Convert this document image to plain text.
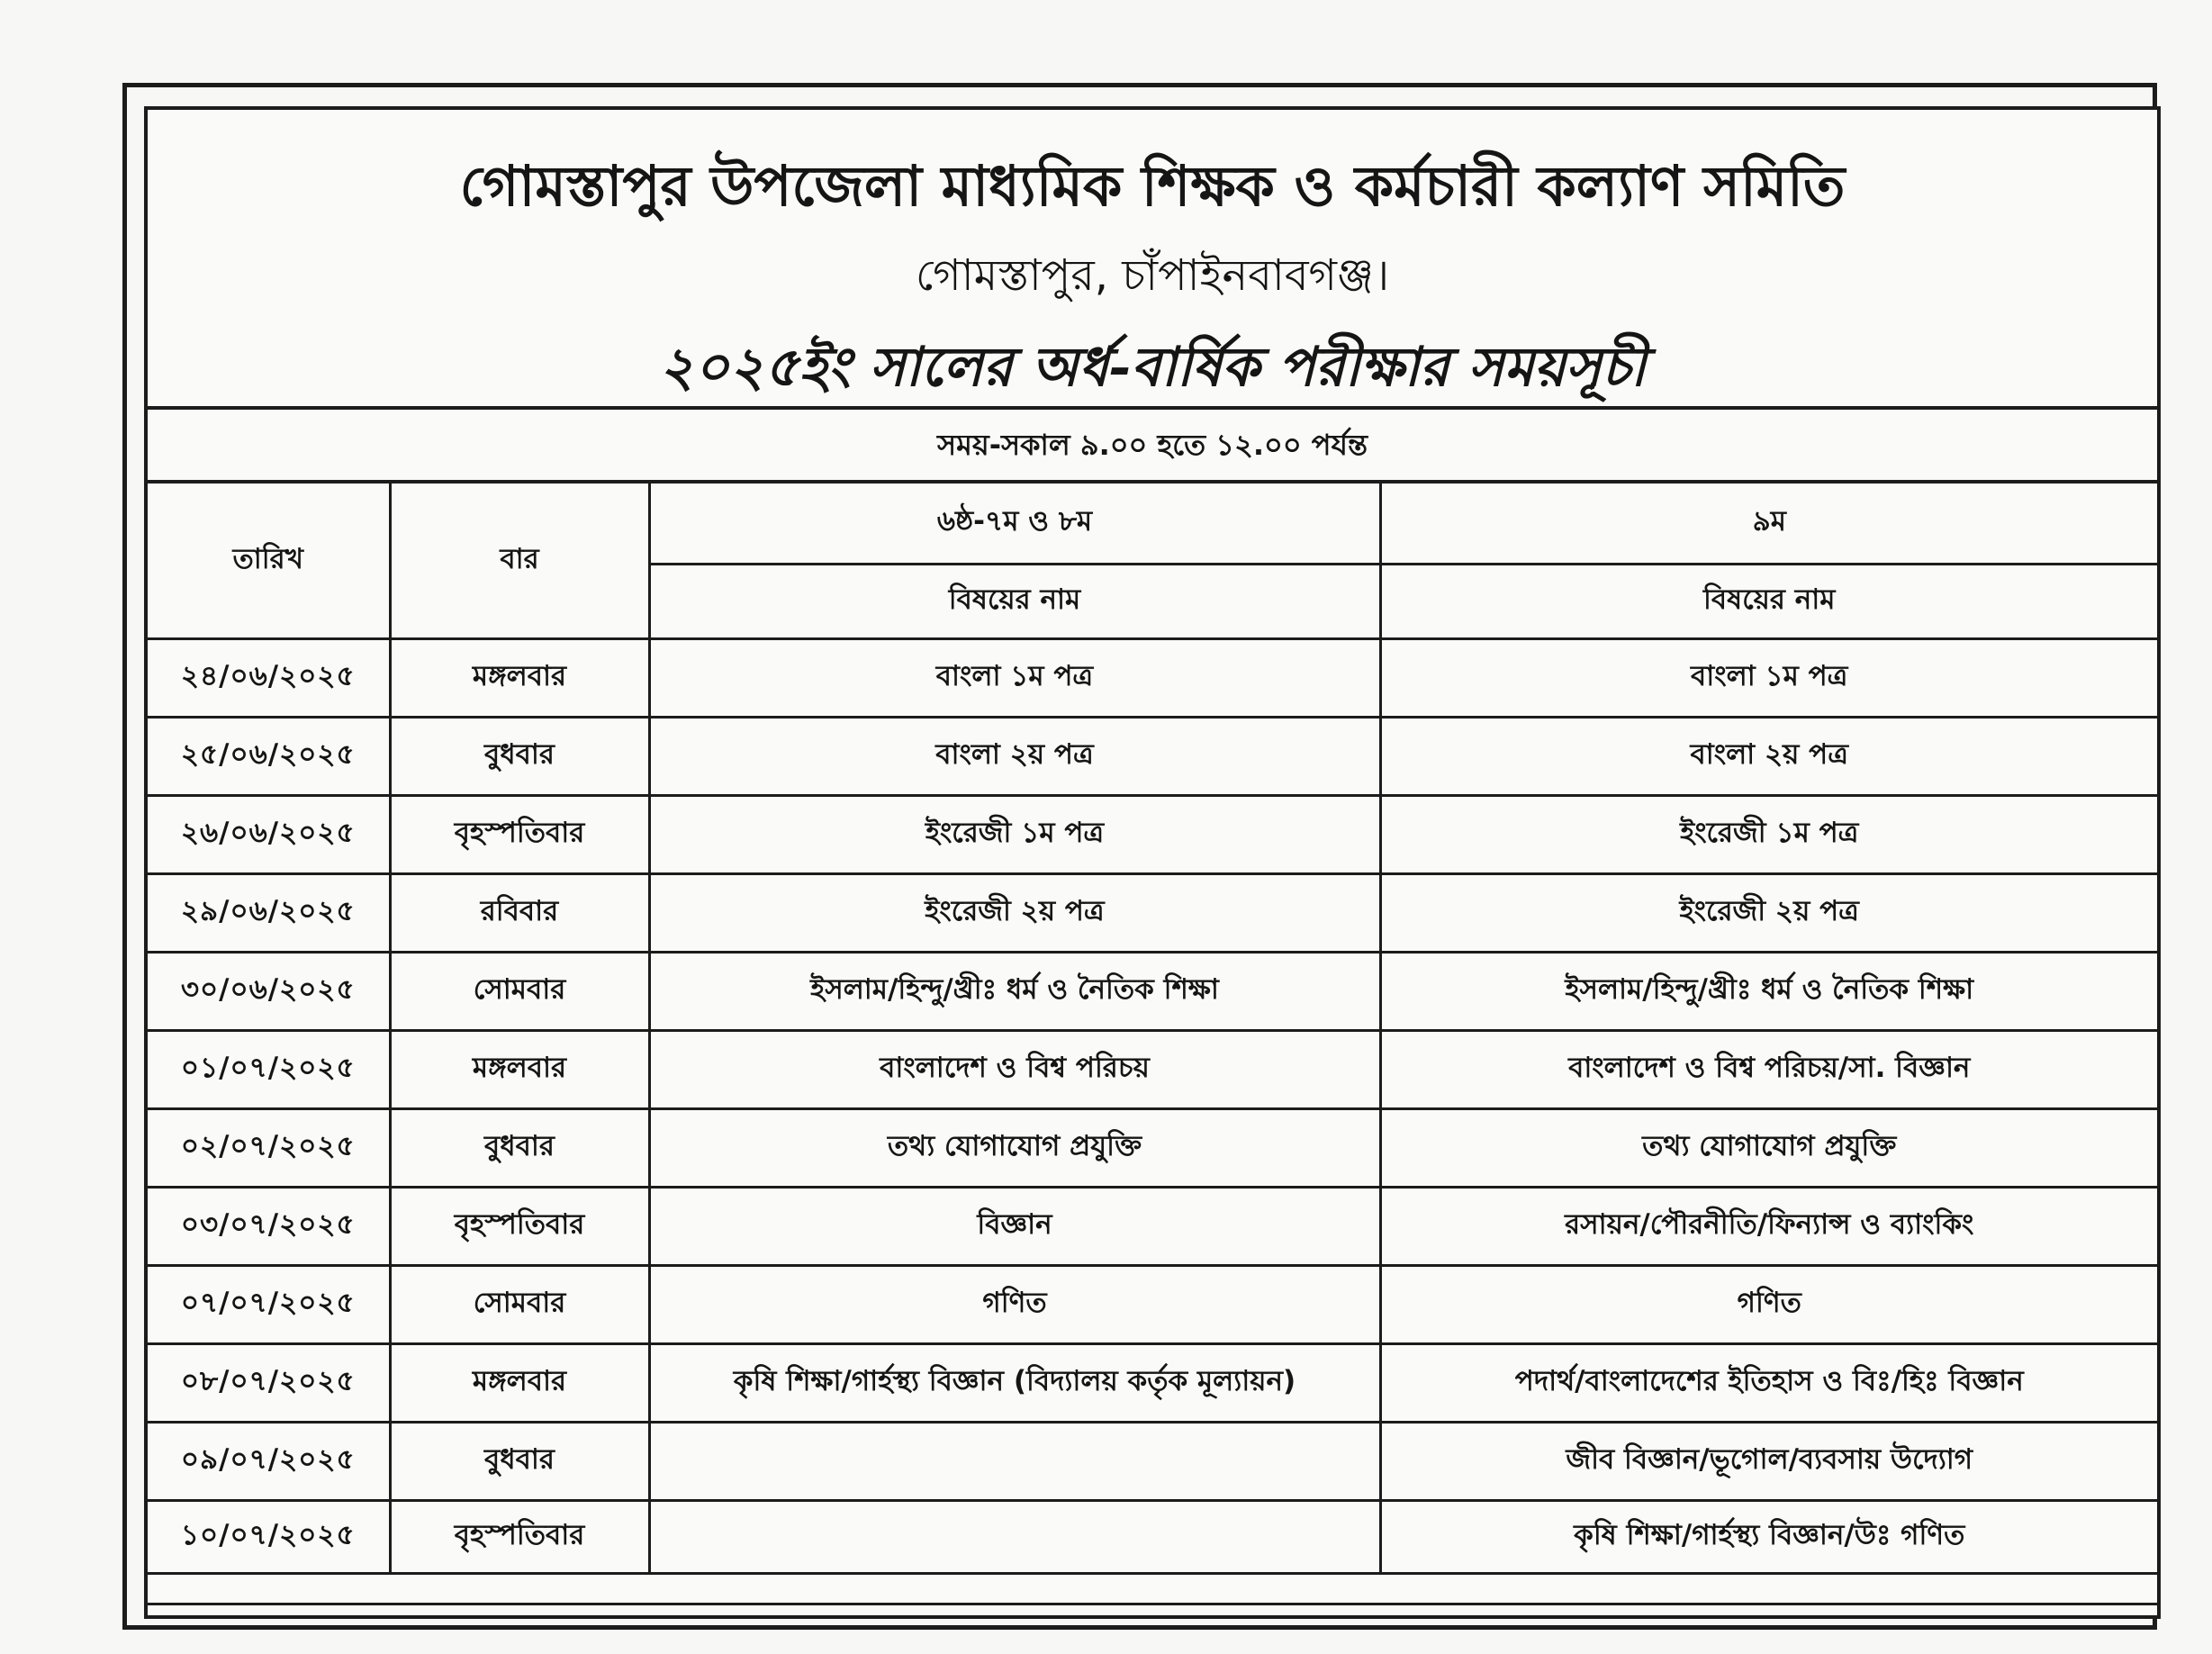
গোমস্তাপুর উপজেলা মাধ্যমিক শিক্ষক ও কর্মচারী কল্যাণ সমিতি
গোমস্তাপুর, চাঁপাইনবাবগঞ্জ।
২০২৫ইং সালের অর্ধ-বার্ষিক পরীক্ষার সময়সূচী
সময়-সকাল ৯.০০ হতে ১২.০০ পর্যন্ত
তারিখ	বার	৬ষ্ঠ-৭ম ও ৮ম	৯ম
		বিষয়ের নাম	বিষয়ের নাম
২৪/০৬/২০২৫	মঙ্গলবার	বাংলা ১ম পত্র	বাংলা ১ম পত্র
২৫/০৬/২০২৫	বুধবার	বাংলা ২য় পত্র	বাংলা ২য় পত্র
২৬/০৬/২০২৫	বৃহস্পতিবার	ইংরেজী ১ম পত্র	ইংরেজী ১ম পত্র
২৯/০৬/২০২৫	রবিবার	ইংরেজী ২য় পত্র	ইংরেজী ২য় পত্র
৩০/০৬/২০২৫	সোমবার	ইসলাম/হিন্দু/খ্রীঃ ধর্ম ও নৈতিক শিক্ষা	ইসলাম/হিন্দু/খ্রীঃ ধর্ম ও নৈতিক শিক্ষা
০১/০৭/২০২৫	মঙ্গলবার	বাংলাদেশ ও বিশ্ব পরিচয়	বাংলাদেশ ও বিশ্ব পরিচয়/সা. বিজ্ঞান
০২/০৭/২০২৫	বুধবার	তথ্য যোগাযোগ প্রযুক্তি	তথ্য যোগাযোগ প্রযুক্তি
০৩/০৭/২০২৫	বৃহস্পতিবার	বিজ্ঞান	রসায়ন/পৌরনীতি/ফিন্যান্স ও ব্যাংকিং
০৭/০৭/২০২৫	সোমবার	গণিত	গণিত
০৮/০৭/২০২৫	মঙ্গলবার	কৃষি শিক্ষা/গার্হস্থ্য বিজ্ঞান (বিদ্যালয় কর্তৃক মূল্যায়ন)	পদার্থ/বাংলাদেশের ইতিহাস ও বিঃ/হিঃ বিজ্ঞান
০৯/০৭/২০২৫	বুধবার		জীব বিজ্ঞান/ভূগোল/ব্যবসায় উদ্যোগ
১০/০৭/২০২৫	বৃহস্পতিবার		কৃষি শিক্ষা/গার্হস্থ্য বিজ্ঞান/উঃ গণিত
